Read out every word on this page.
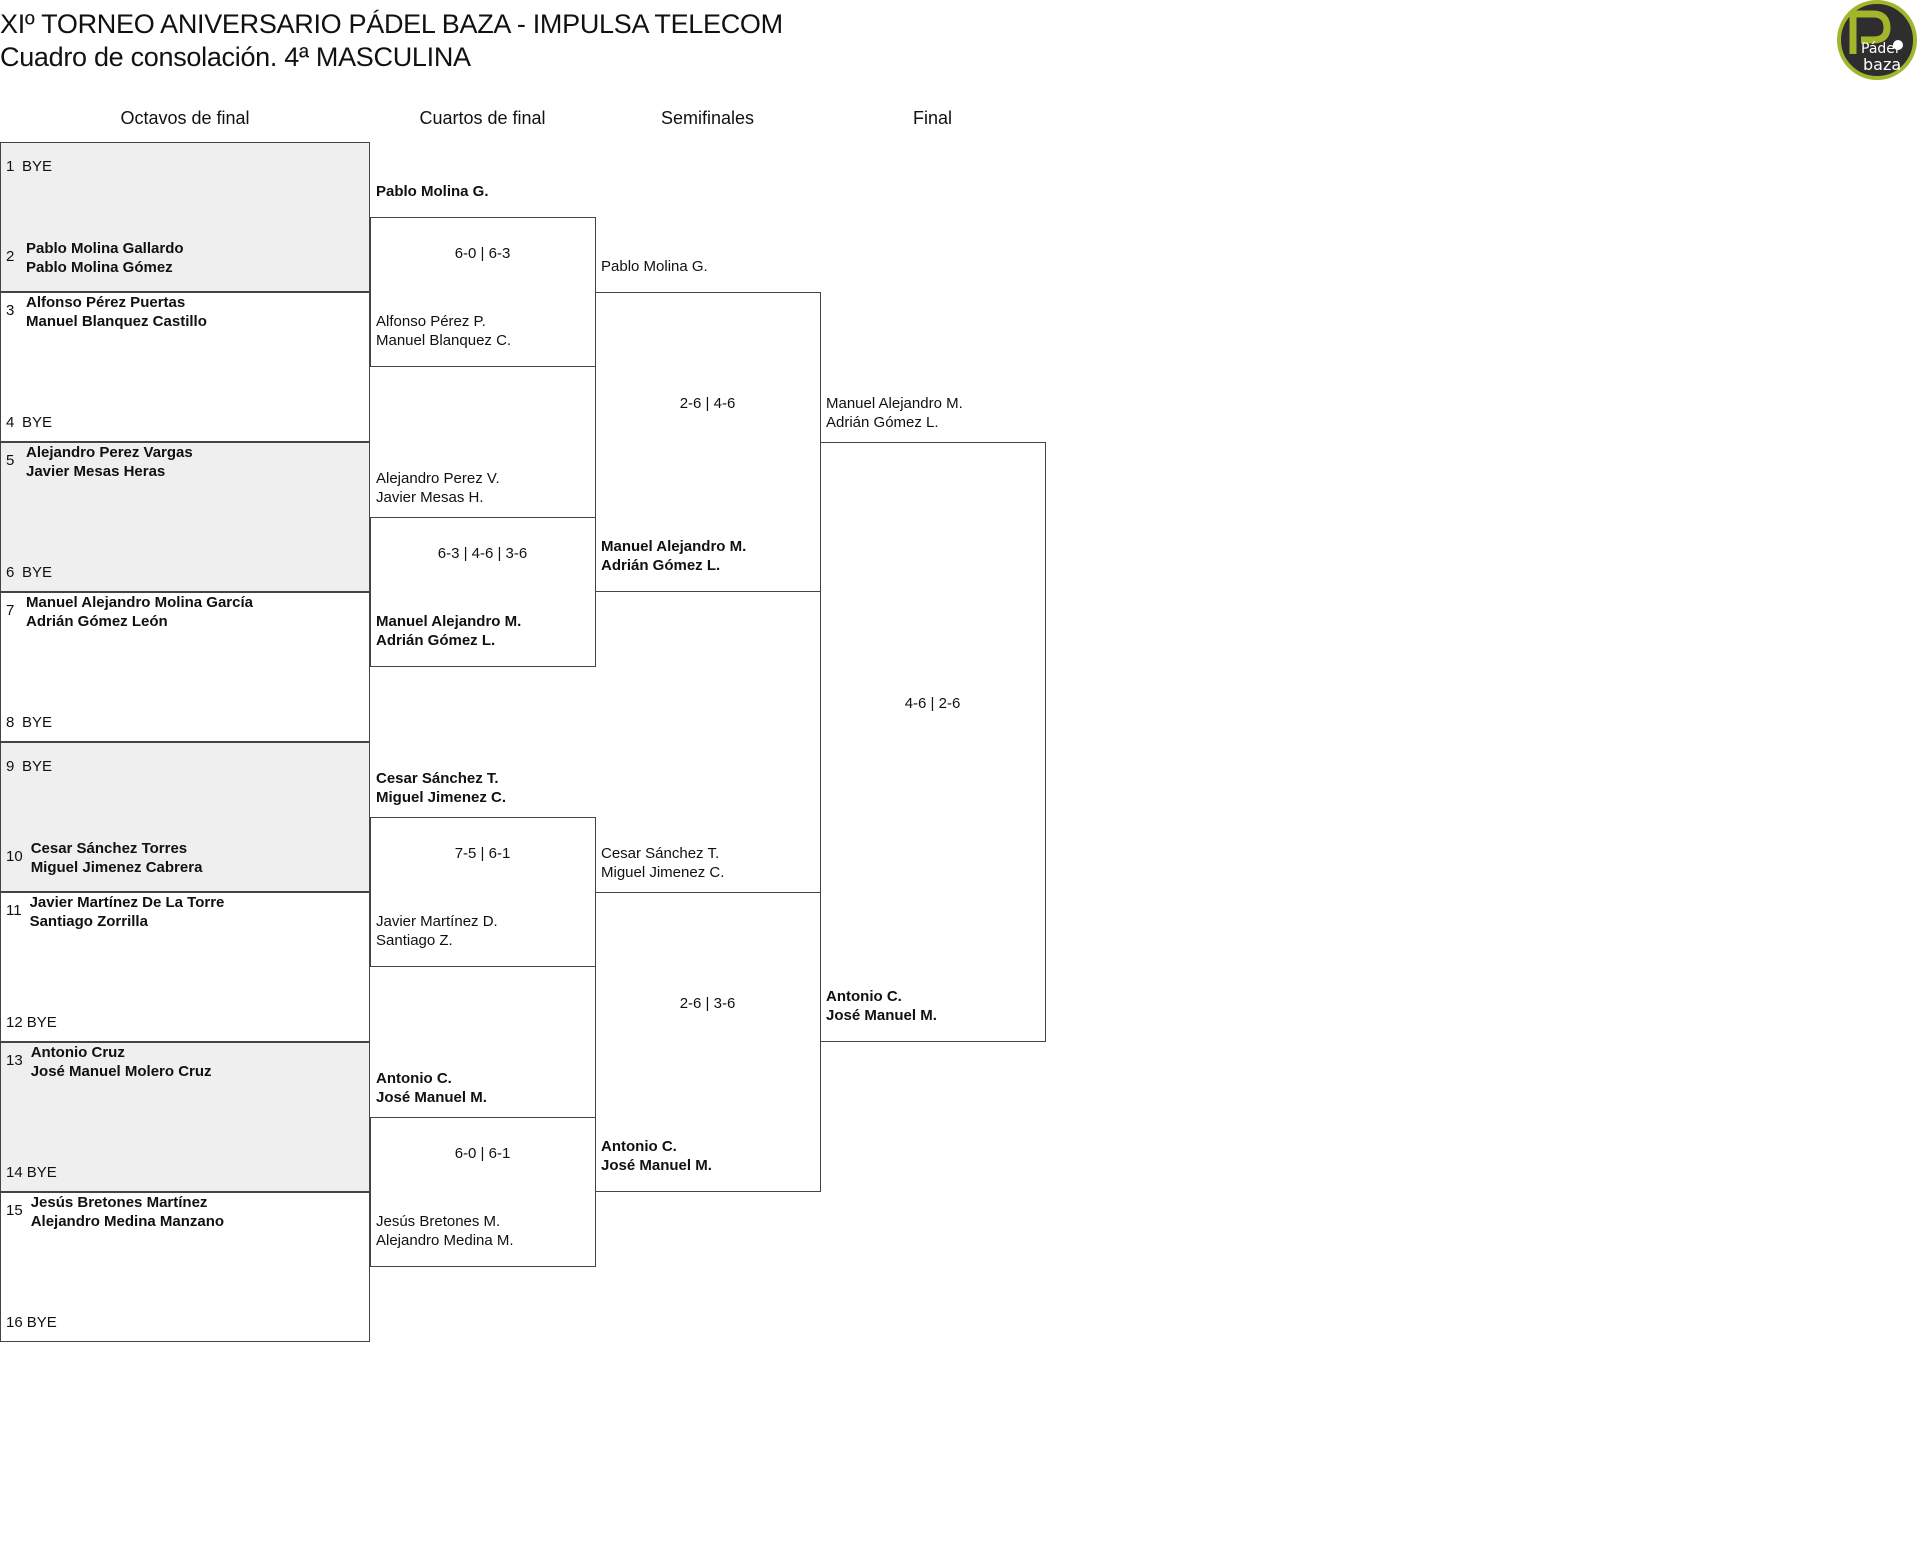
XIº TORNEO ANIVERSARIO PÁDEL BAZA - IMPULSA TELECOM
Cuadro de consolación. 4ª MASCULINA	Pádel
baza
Octavos de final	Cuartos de final	Semifinales	Final
1 BYE
2 Pablo Molina Gallardo
Pablo Molina Gómez
3 Alfonso Pérez Puertas
Manuel Blanquez Castillo
4 BYE
5 Alejandro Perez Vargas
Javier Mesas Heras
6 BYE
7 Manuel Alejandro Molina García
Adrián Gómez León
8 BYE
9 BYE
10 Cesar Sánchez Torres
Miguel Jimenez Cabrera
11 Javier Martínez De La Torre
Santiago Zorrilla
12 BYE
13 Antonio Cruz
José Manuel Molero Cruz
14 BYE
15 Jesús Bretones Martínez
Alejandro Medina Manzano
16 BYE
Pablo Molina G.
Alfonso Pérez P.
Manuel Blanquez C.
6-0 | 6-3
Alejandro Perez V.
Javier Mesas H.
Manuel Alejandro M.
Adrián Gómez L.
6-3 | 4-6 | 3-6
Cesar Sánchez T.
Miguel Jimenez C.
Javier Martínez D.
Santiago Z.
7-5 | 6-1
Antonio C.
José Manuel M.
Jesús Bretones M.
Alejandro Medina M.
6-0 | 6-1
Pablo Molina G.
Manuel Alejandro M.
Adrián Gómez L.
2-6 | 4-6
Cesar Sánchez T.
Miguel Jimenez C.
Antonio C.
José Manuel M.
2-6 | 3-6
Manuel Alejandro M.
Adrián Gómez L.
Antonio C.
José Manuel M.
4-6 | 2-6
